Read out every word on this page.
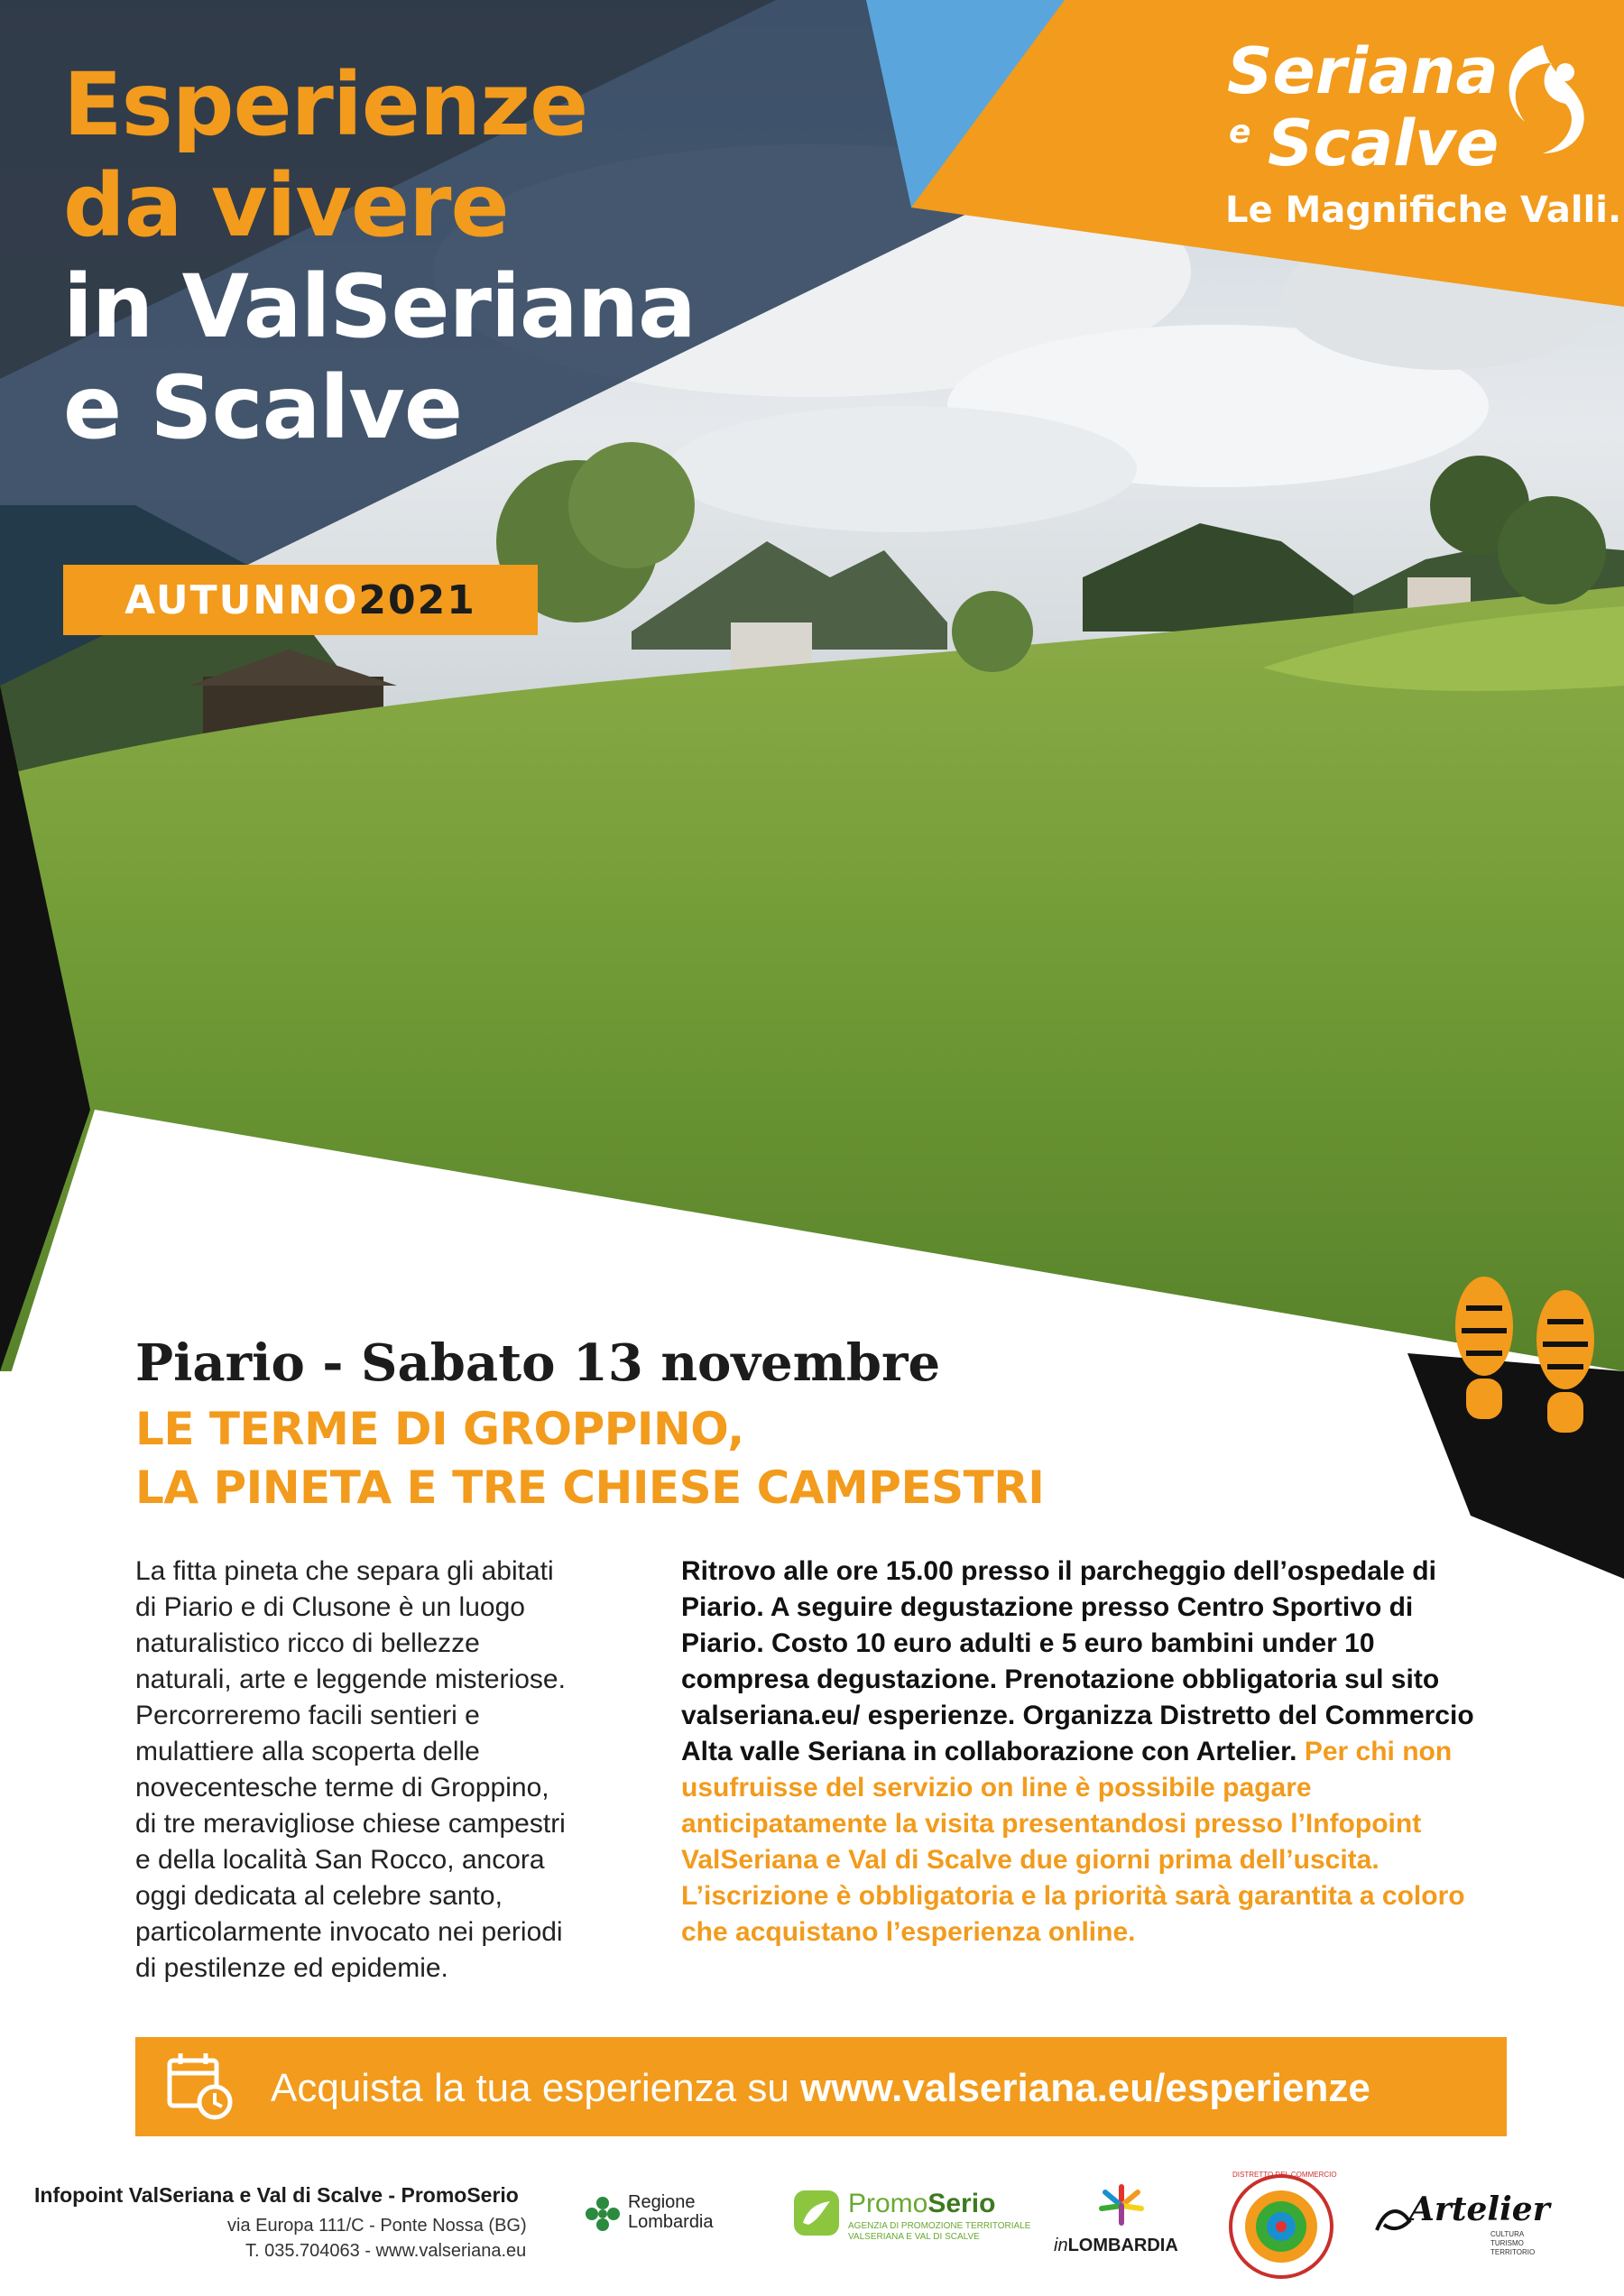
Esperienze
da vivere
in ValSeriana
e Scalve
AUTUNNO 2021
Seriana
e Scalve
Le Magnifiche Valli.
Piario - Sabato 13 novembre
LE TERME DI GROPPINO,
LA PINETA E TRE CHIESE CAMPESTRI
La fitta pineta che separa gli abitati
di Piario e di Clusone è un luogo
naturalistico ricco di bellezze
naturali, arte e leggende misteriose.
Percorreremo facili sentieri e
mulattiere alla scoperta delle
novecentesche terme di Groppino,
di tre meravigliose chiese campestri
e della località San Rocco, ancora
oggi dedicata al celebre santo,
particolarmente invocato nei periodi
di pestilenze ed epidemie.
Ritrovo alle ore 15.00 presso il parcheggio dell’ospedale di Piario. A seguire degustazione presso Centro Sportivo di Piario. Costo 10 euro adulti e 5 euro bambini under 10 compresa degustazione. Prenotazione obbligatoria sul sito valseriana.eu/ esperienze. Organizza Distretto del Commercio Alta valle Seriana in collaborazione con Artelier. Per chi non usufruisse del servizio on line è possibile pagare anticipatamente la visita presentandosi presso l’Infopoint ValSeriana e Val di Scalve due giorni prima dell’uscita. L’iscrizione è obbligatoria e la priorità sarà garantita a coloro che acquistano l’esperienza online.
Acquista la tua esperienza su www.valseriana.eu/esperienze
Infopoint ValSeriana e Val di Scalve - PromoSerio
via Europa 111/C - Ponte Nossa (BG)
T. 035.704063 - www.valseriana.eu
Regione
Lombardia
PromoSerio
AGENZIA DI PROMOZIONE TERRITORIALE
VALSERIANA E VAL DI SCALVE	inLOMBARDIA
DISTRETTO DEL COMMERCIO
Artelier
CULTURA
TURISMO
TERRITORIO
